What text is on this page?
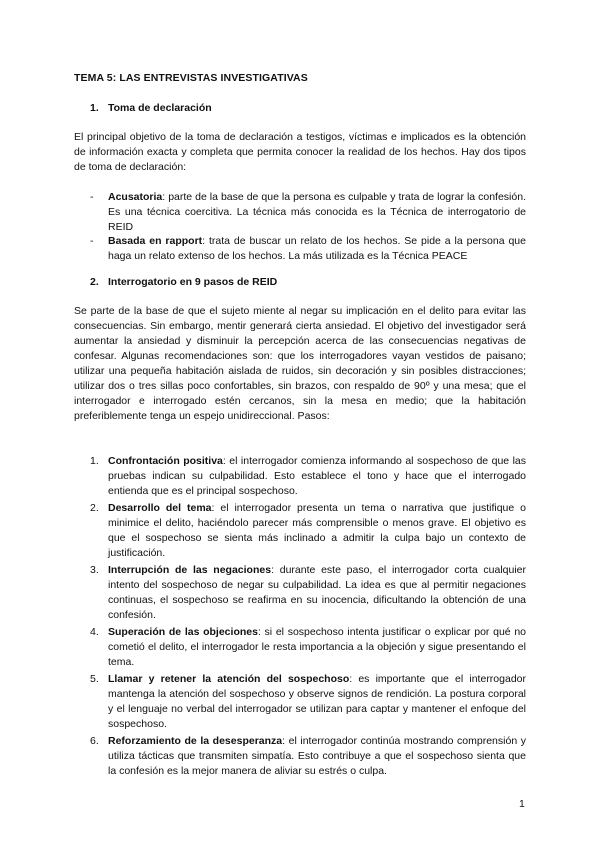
TEMA 5: LAS ENTREVISTAS INVESTIGATIVAS
1. Toma de declaración
El principal objetivo de la toma de declaración a testigos, víctimas e implicados es la obtención de información exacta y completa que permita conocer la realidad de los hechos. Hay dos tipos de toma de declaración:
- Acusatoria: parte de la base de que la persona es culpable y trata de lograr la confesión. Es una técnica coercitiva. La técnica más conocida es la Técnica de interrogatorio de REID
- Basada en rapport: trata de buscar un relato de los hechos. Se pide a la persona que haga un relato extenso de los hechos. La más utilizada es la Técnica PEACE
2. Interrogatorio en 9 pasos de REID
Se parte de la base de que el sujeto miente al negar su implicación en el delito para evitar las consecuencias. Sin embargo, mentir generará cierta ansiedad. El objetivo del investigador será aumentar la ansiedad y disminuir la percepción acerca de las consecuencias negativas de confesar. Algunas recomendaciones son: que los interrogadores vayan vestidos de paisano; utilizar una pequeña habitación aislada de ruidos, sin decoración y sin posibles distracciones; utilizar dos o tres sillas poco confortables, sin brazos, con respaldo de 90º y una mesa; que el interrogador e interrogado estén cercanos, sin la mesa en medio; que la habitación preferiblemente tenga un espejo unidireccional. Pasos:
1. Confrontación positiva: el interrogador comienza informando al sospechoso de que las pruebas indican su culpabilidad. Esto establece el tono y hace que el interrogado entienda que es el principal sospechoso.
2. Desarrollo del tema: el interrogador presenta un tema o narrativa que justifique o minimice el delito, haciéndolo parecer más comprensible o menos grave. El objetivo es que el sospechoso se sienta más inclinado a admitir la culpa bajo un contexto de justificación.
3. Interrupción de las negaciones: durante este paso, el interrogador corta cualquier intento del sospechoso de negar su culpabilidad. La idea es que al permitir negaciones continuas, el sospechoso se reafirma en su inocencia, dificultando la obtención de una confesión.
4. Superación de las objeciones: si el sospechoso intenta justificar o explicar por qué no cometió el delito, el interrogador le resta importancia a la objeción y sigue presentando el tema.
5. Llamar y retener la atención del sospechoso: es importante que el interrogador mantenga la atención del sospechoso y observe signos de rendición. La postura corporal y el lenguaje no verbal del interrogador se utilizan para captar y mantener el enfoque del sospechoso.
6. Reforzamiento de la desesperanza: el interrogador continúa mostrando comprensión y utiliza tácticas que transmiten simpatía. Esto contribuye a que el sospechoso sienta que la confesión es la mejor manera de aliviar su estrés o culpa.
1
